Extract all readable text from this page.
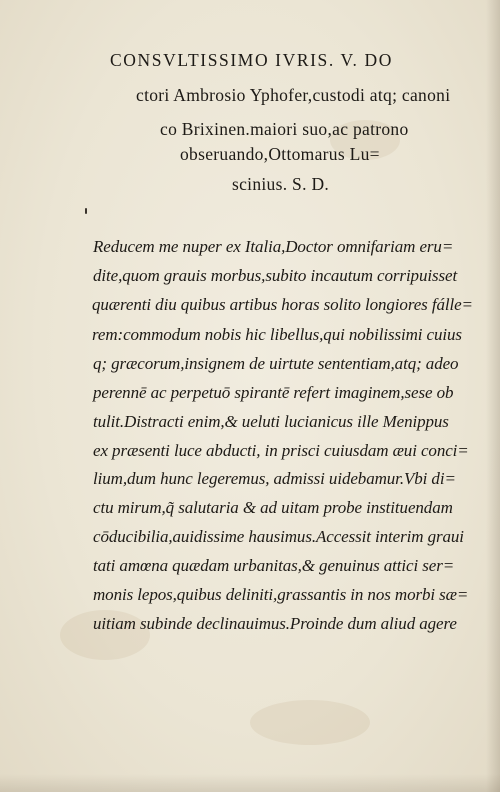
CONSVLTISSIMO IVRIS. V. DO
ctori Ambrosio Yphofer,custodi atq; canoni
co Brixinen.maiori suo,ac patrono
obseruando,Ottomarus Lu=
scinius. S. D.
Reducem me nuper ex Italia,Doctor omnifariam eru=
dite,quom grauis morbus,subito incautum corripuisset
quærenti diu quibus artibus horas solito longiores fálle=
rem:commodum nobis hic libellus,qui nobilissimi cuius
q; græcorum,insignem de uirtute sententiam,atq; adeo
perennē ac perpetuō spirantē refert imaginem,sese ob
tulit.Distracti enim,& ueluti lucianicus ille Menippus
ex præsenti luce abducti, in prisci cuiusdam æui conci=
lium,dum hunc legeremus, admissi uidebamur.Vbi di=
ctu mirum,q̃ salutaria & ad uitam probe instituendam
cōducibilia,auidissime hausimus.Accessit interim graui
tati amœna quædam urbanitas,& genuinus attici ser=
monis lepos,quibus deliniti,grassantis in nos morbi sæ=
uitiam subinde declinauimus.Proinde dum aliud agere
